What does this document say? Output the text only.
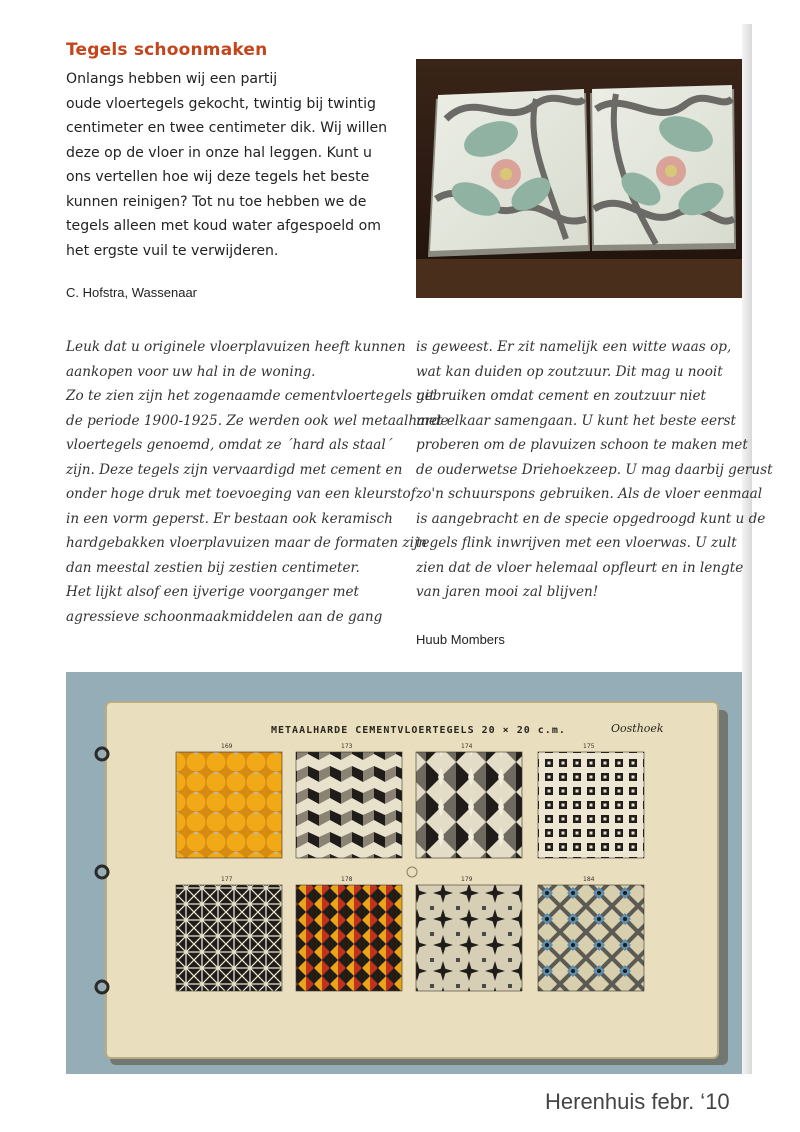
Tegels schoonmaken
Onlangs hebben wij een partij
oude vloertegels gekocht, twintig bij twintig
centimeter en twee centimeter dik. Wij willen
deze op de vloer in onze hal leggen. Kunt u
ons vertellen hoe wij deze tegels het beste
kunnen reinigen? Tot nu toe hebben we de
tegels alleen met koud water afgespoeld om
het ergste vuil te verwijderen.
C. Hofstra, Wassenaar
Leuk dat u originele vloerplavuizen heeft kunnen
aankopen voor uw hal in de woning.
Zo te zien zijn het zogenaamde cementvloertegels uit
de periode 1900-1925. Ze werden ook wel metaalharde
vloertegels genoemd, omdat ze ´hard als staal´
zijn. Deze tegels zijn vervaardigd met cement en
onder hoge druk met toevoeging van een kleurstof
in een vorm geperst. Er bestaan ook keramisch
hardgebakken vloerplavuizen maar de formaten zijn
dan meestal zestien bij zestien centimeter.
Het lijkt alsof een ijverige voorganger met
agressieve schoonmaakmiddelen aan de gang
is geweest. Er zit namelijk een witte waas op,
wat kan duiden op zoutzuur. Dit mag u nooit
gebruiken omdat cement en zoutzuur niet
met elkaar samengaan. U kunt het beste eerst
proberen om de plavuizen schoon te maken met
de ouderwetse Driehoekzeep. U mag daarbij gerust
zo'n schuurspons gebruiken. Als de vloer eenmaal
is aangebracht en de specie opgedroogd kunt u de
tegels flink inwrijven met een vloerwas. U zult
zien dat de vloer helemaal opfleurt en in lengte
van jaren mooi zal blijven!
Huub Mombers
METAALHARDE CEMENTVLOERTEGELS 20 × 20 c.m.	Oosthoek
169	173	174	175
177	178	179	184
Herenhuis febr. ‘10
